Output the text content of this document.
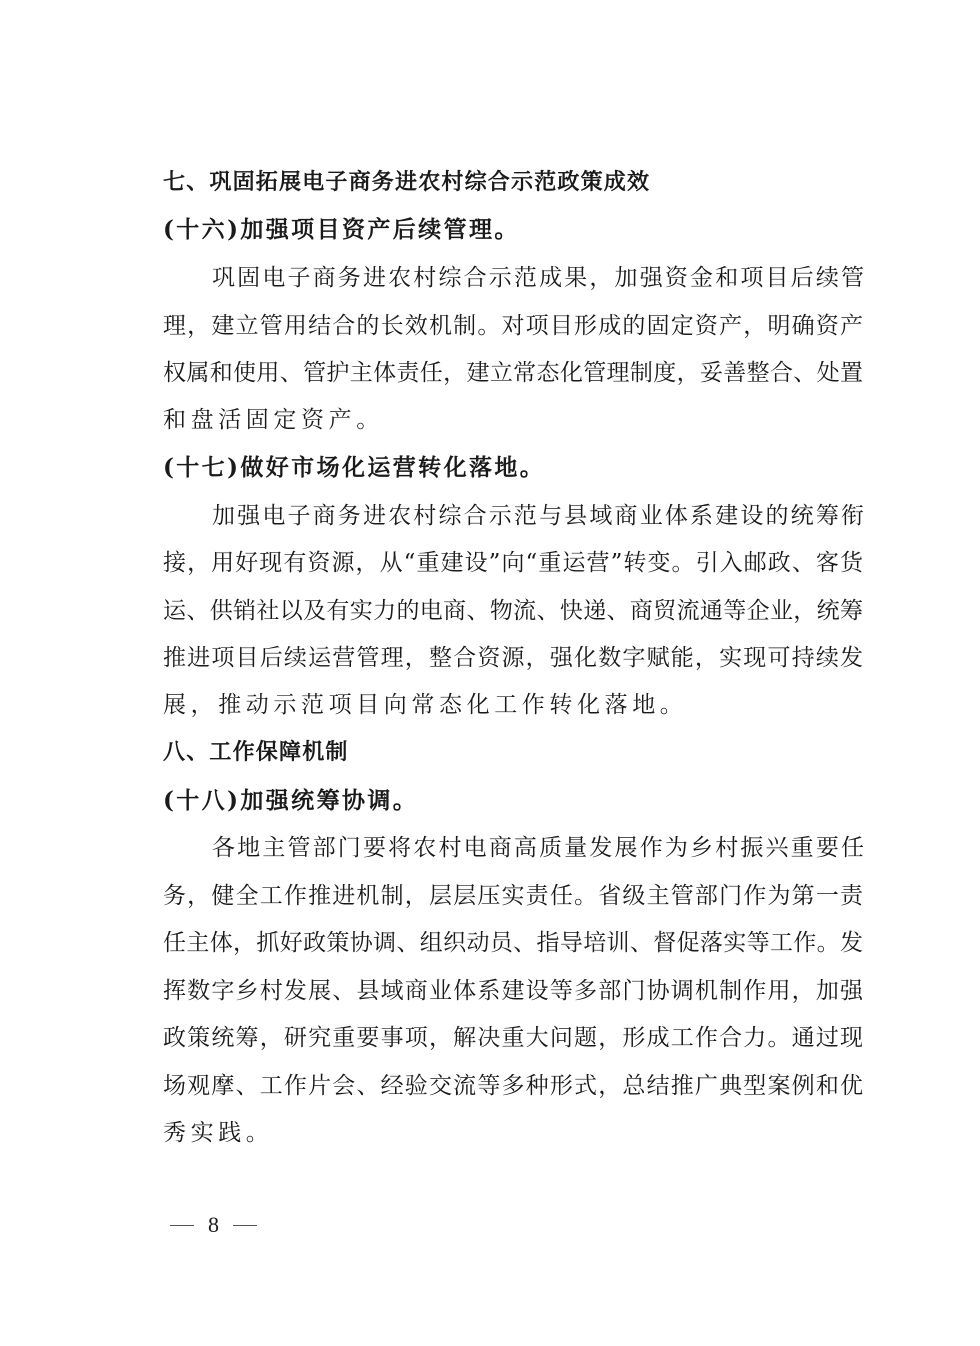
七、巩固拓展电子商务进农村综合示范政策成效
(十六)加强项目资产后续管理。
巩固电子商务进农村综合示范成果，加强资金和项目后续管
理，建立管用结合的长效机制。对项目形成的固定资产，明确资产
权属和使用、管护主体责任，建立常态化管理制度，妥善整合、处置
和盘活固定资产。
(十七)做好市场化运营转化落地。
加强电子商务进农村综合示范与县域商业体系建设的统筹衔
接，用好现有资源，从“重建设”向“重运营”转变。引入邮政、客货
运、供销社以及有实力的电商、物流、快递、商贸流通等企业，统筹
推进项目后续运营管理，整合资源，强化数字赋能，实现可持续发
展，推动示范项目向常态化工作转化落地。
八、工作保障机制
(十八)加强统筹协调。
各地主管部门要将农村电商高质量发展作为乡村振兴重要任
务，健全工作推进机制，层层压实责任。省级主管部门作为第一责
任主体，抓好政策协调、组织动员、指导培训、督促落实等工作。发
挥数字乡村发展、县域商业体系建设等多部门协调机制作用，加强
政策统筹，研究重要事项，解决重大问题，形成工作合力。通过现
场观摩、工作片会、经验交流等多种形式，总结推广典型案例和优
秀实践。
8
